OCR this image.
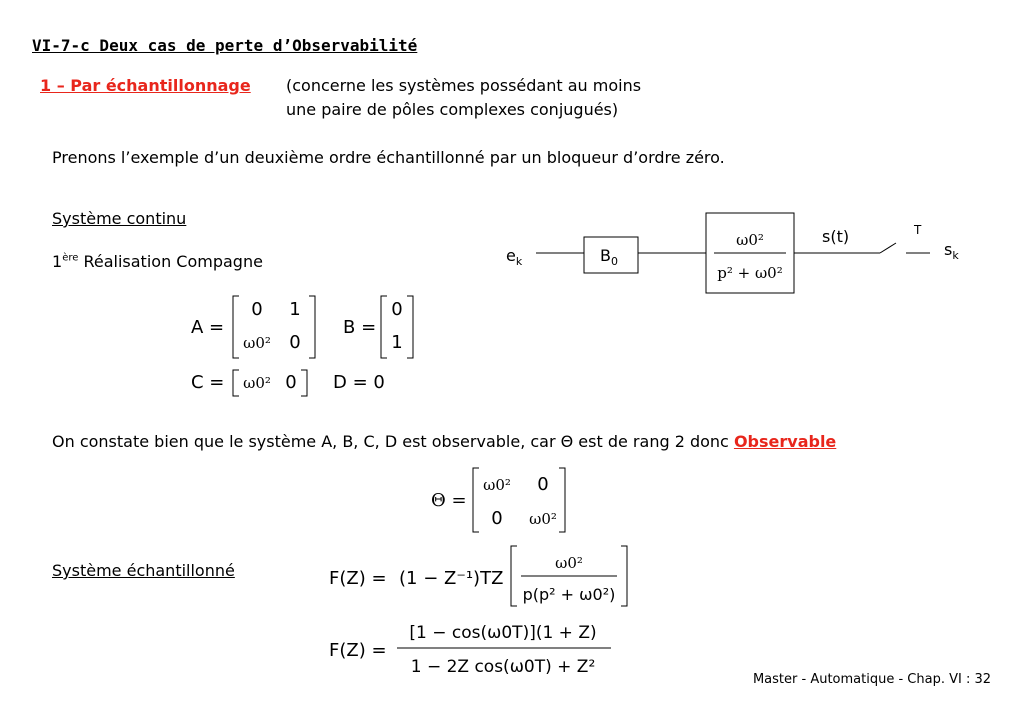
VI-7-c Deux cas de perte d’Observabilité
1 – Par échantillonnage (concerne les systèmes possédant au moins
une paire de pôles complexes conjugués)
Prenons l’exemple d’un deuxième ordre échantillonné par un bloqueur d’ordre zéro.
Système continu
1ère Réalisation Compagne	$e_k$	$B_0$
ω0²
p² + ω0²
s(t)	T
$s_k$
A =
0 1
ω0² 0
B =
0
1
C = ω0² 0 D = 0
On constate bien que le système A, B, C, D est observable, car Θ est de rang 2 donc Observable
Θ =
ω0² 0
0 ω0²
Système échantillonné	F(Z) = (1 − Z⁻¹)TZ
ω0²
p(p² + ω0²)
F(Z) =
[1 − cos(ω0T)](1 + Z)
1 − 2Z cos(ω0T) + Z²
Master - Automatique - Chap. VI : 32
